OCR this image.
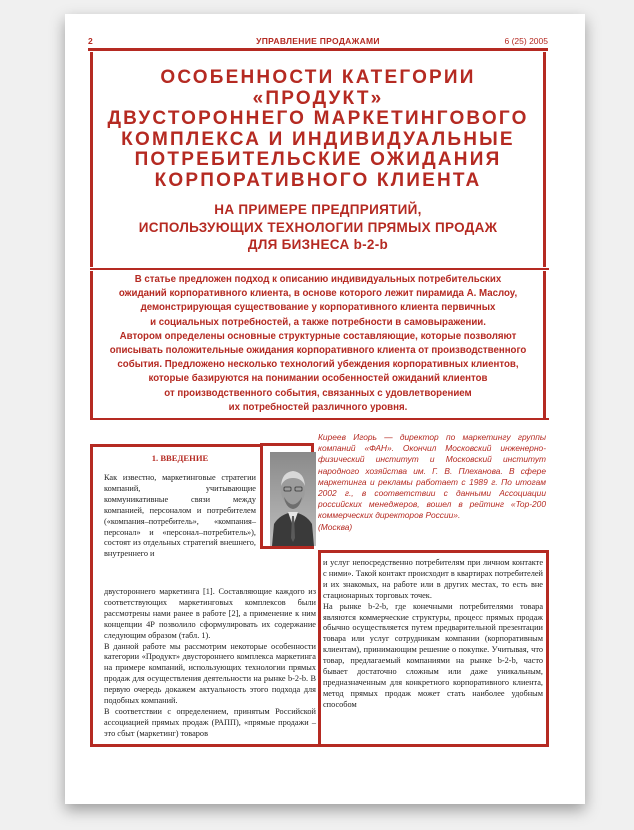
2	УПРАВЛЕНИЕ ПРОДАЖАМИ	6 (25) 2005
ОСОБЕННОСТИ КАТЕГОРИИ «ПРОДУКТ»
ДВУСТОРОННЕГО МАРКЕТИНГОВОГО
КОМПЛЕКСА И ИНДИВИДУАЛЬНЫЕ
ПОТРЕБИТЕЛЬСКИЕ ОЖИДАНИЯ
КОРПОРАТИВНОГО КЛИЕНТА
НА ПРИМЕРЕ ПРЕДПРИЯТИЙ,
ИСПОЛЬЗУЮЩИХ ТЕХНОЛОГИИ ПРЯМЫХ ПРОДАЖ
ДЛЯ БИЗНЕСА b-2-b
В статье предложен подход к описанию индивидуальных потребительских
ожиданий корпоративного клиента, в основе которого лежит пирамида А. Маслоу,
демонстрирующая существование у корпоративного клиента первичных
и социальных потребностей, а также потребности в самовыражении.
Автором определены основные структурные составляющие, которые позволяют
описывать положительные ожидания корпоративного клиента от производственного
события. Предложено несколько технологий убеждения корпоративных клиентов,
которые базируются на понимании особенностей ожиданий клиентов
от производственного события, связанных с удовлетворением
их потребностей различного уровня.
Киреев Игорь — директор по маркетингу группы компаний «ФАН». Окончил Московский инженерно-физический институт и Московский институт народного хозяйства им. Г. В. Плеханова. В сфере маркетинга и рекламы работает с 1989 г. По итогам 2002 г., в соответствии с данными Ассоциации российских менеджеров, вошел в рейтинг «Top-200 коммерческих директоров России».
(Москва)
1. ВВЕДЕНИЕ

Как известно, маркетинговые стратегии компаний, учитывающие коммуникативные связи между компанией, персоналом и потребителем («компания–потребитель», «компания–персонал» и «персонал–потребитель»), состоят из отдельных стратегий внешнего, внутреннего и

двустороннего маркетинга [1]. Составляющие каждого из соответствующих маркетинговых комплексов были рассмотрены нами ранее в работе [2], а применение к ним концепции 4Р позволило сформулировать их содержание следующим образом (табл. 1).

В данной работе мы рассмотрим некоторые особенности категории «Продукт» двустороннего комплекса маркетинга на примере компаний, использующих технологии прямых продаж для осуществления деятельности на рынке b-2-b. В первую очередь докажем актуальность этого подхода для подобных компаний.

В соответствии с определением, принятым Российской ассоциацией прямых продаж (РАПП), «прямые продажи – это сбыт (маркетинг) товаров

и услуг непосредственно потребителям при личном контакте с ними». Такой контакт происходит в квартирах потребителей и их знакомых, на работе или в других местах, то есть вне стационарных торговых точек.

На рынке b-2-b, где конечными потребителями товара являются коммерческие структуры, процесс прямых продаж обычно осуществляется путем предварительной презентации товара или услуг сотрудникам компании (корпоративным клиентам), принимающим решение о покупке. Учитывая, что товар, предлагаемый компаниями на рынке b-2-b, часто бывает достаточно сложным или даже уникальным, предназначенным для конкретного корпоративного клиента, метод прямых продаж может стать наиболее удобным способом
